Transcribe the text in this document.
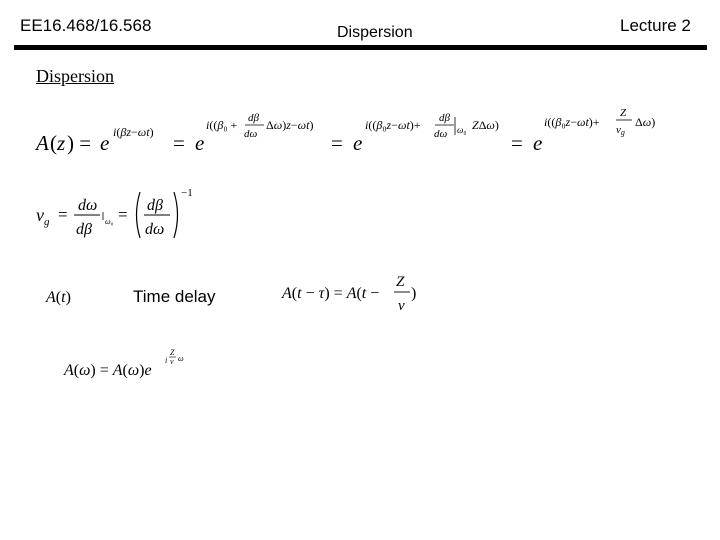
EE16.468/16.568	Dispersion	Lecture 2
Dispersion
A ( z ) = e i(βz−ωt) = e
i((β₀ + dβ
dω
Δω)z−ωt)
= e
i((β₀z−ωt)+ dβ
dω ω₀ ZΔω)
= e
i((β₀z−ωt)+
Z
vg
Δω)
$v_g = d\omega$
dβ ω₀ = dβ
dω
−1
A(t)	Time delay	A(t − τ) = A(t −
Z
v
)
A(ω) = A(ω)e
i
Z
v ω
